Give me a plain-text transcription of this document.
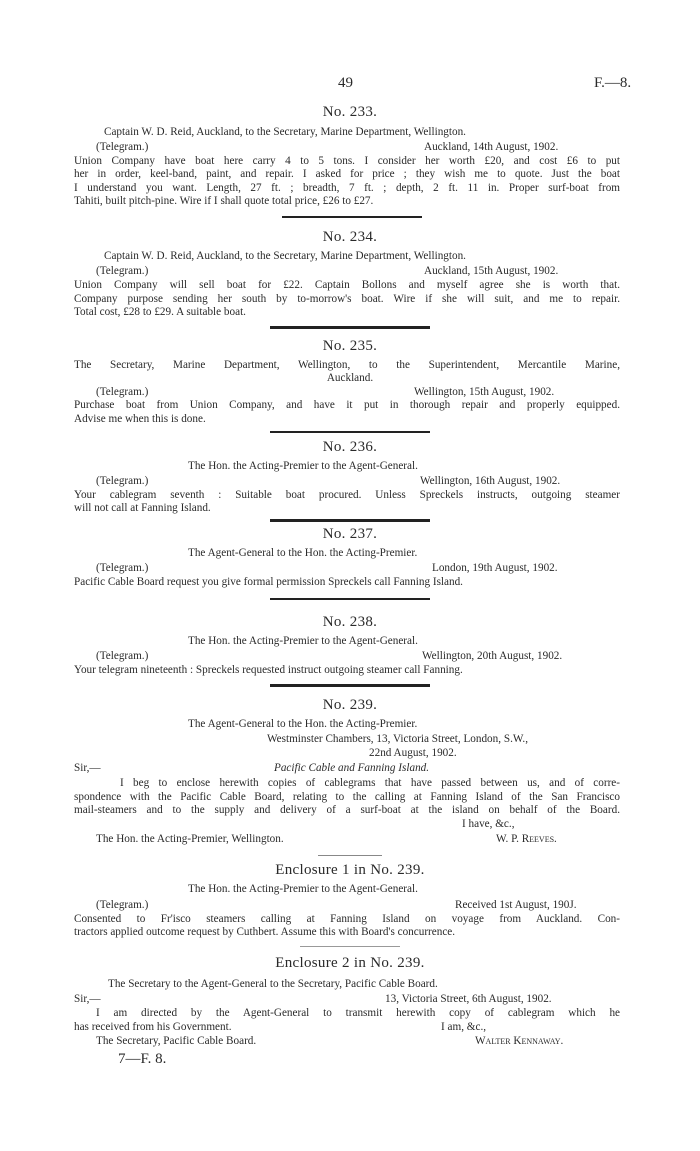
49	F.—8.
No. 233.
Captain W. D. Reid, Auckland, to the Secretary, Marine Department, Wellington.
(Telegram.)	Auckland, 14th August, 1902.
Union Company have boat here carry 4 to 5 tons. I consider her worth £20, and cost £6 to put
her in order, keel-band, paint, and repair. I asked for price ; they wish me to quote. Just the boat
I understand you want. Length, 27 ft. ; breadth, 7 ft. ; depth, 2 ft. 11 in. Proper surf-boat from
Tahiti, built pitch-pine. Wire if I shall quote total price, £26 to £27.
No. 234.
Captain W. D. Reid, Auckland, to the Secretary, Marine Department, Wellington.
(Telegram.)	Auckland, 15th August, 1902.
Union Company will sell boat for £22. Captain Bollons and myself agree she is worth that.
Company purpose sending her south by to-morrow's boat. Wire if she will suit, and me to repair.
Total cost, £28 to £29. A suitable boat.
No. 235.
The Secretary, Marine Department, Wellington, to the Superintendent, Mercantile Marine,
Auckland.
(Telegram.)	Wellington, 15th August, 1902.
Purchase boat from Union Company, and have it put in thorough repair and properly equipped.
Advise me when this is done.
No. 236.
The Hon. the Acting-Premier to the Agent-General.
(Telegram.)	Wellington, 16th August, 1902.
Your cablegram seventh : Suitable boat procured. Unless Spreckels instructs, outgoing steamer
will not call at Fanning Island.
No. 237.
The Agent-General to the Hon. the Acting-Premier.
(Telegram.)	London, 19th August, 1902.
Pacific Cable Board request you give formal permission Spreckels call Fanning Island.
No. 238.
The Hon. the Acting-Premier to the Agent-General.
(Telegram.)	Wellington, 20th August, 1902.
Your telegram nineteenth : Spreckels requested instruct outgoing steamer call Fanning.
No. 239.
The Agent-General to the Hon. the Acting-Premier.
Westminster Chambers, 13, Victoria Street, London, S.W.,
22nd August, 1902.
Sir,—	Pacific Cable and Fanning Island.
I beg to enclose herewith copies of cablegrams that have passed between us, and of corre-
spondence with the Pacific Cable Board, relating to the calling at Fanning Island of the San Francisco
mail-steamers and to the supply and delivery of a surf-boat at the island on behalf of the Board.
I have, &c.,
The Hon. the Acting-Premier, Wellington.	W. P. Reeves.
Enclosure 1 in No. 239.
The Hon. the Acting-Premier to the Agent-General.
(Telegram.)	Received 1st August, 190J.
Consented to Fr'isco steamers calling at Fanning Island on voyage from Auckland. Con-
tractors applied outcome request by Cuthbert. Assume this with Board's concurrence.
Enclosure 2 in No. 239.
The Secretary to the Agent-General to the Secretary, Pacific Cable Board.
Sir,—	13, Victoria Street, 6th August, 1902.
I am directed by the Agent-General to transmit herewith copy of cablegram which he
has received from his Government.	I am, &c.,
The Secretary, Pacific Cable Board.	Walter Kennaway.
7—F. 8.
